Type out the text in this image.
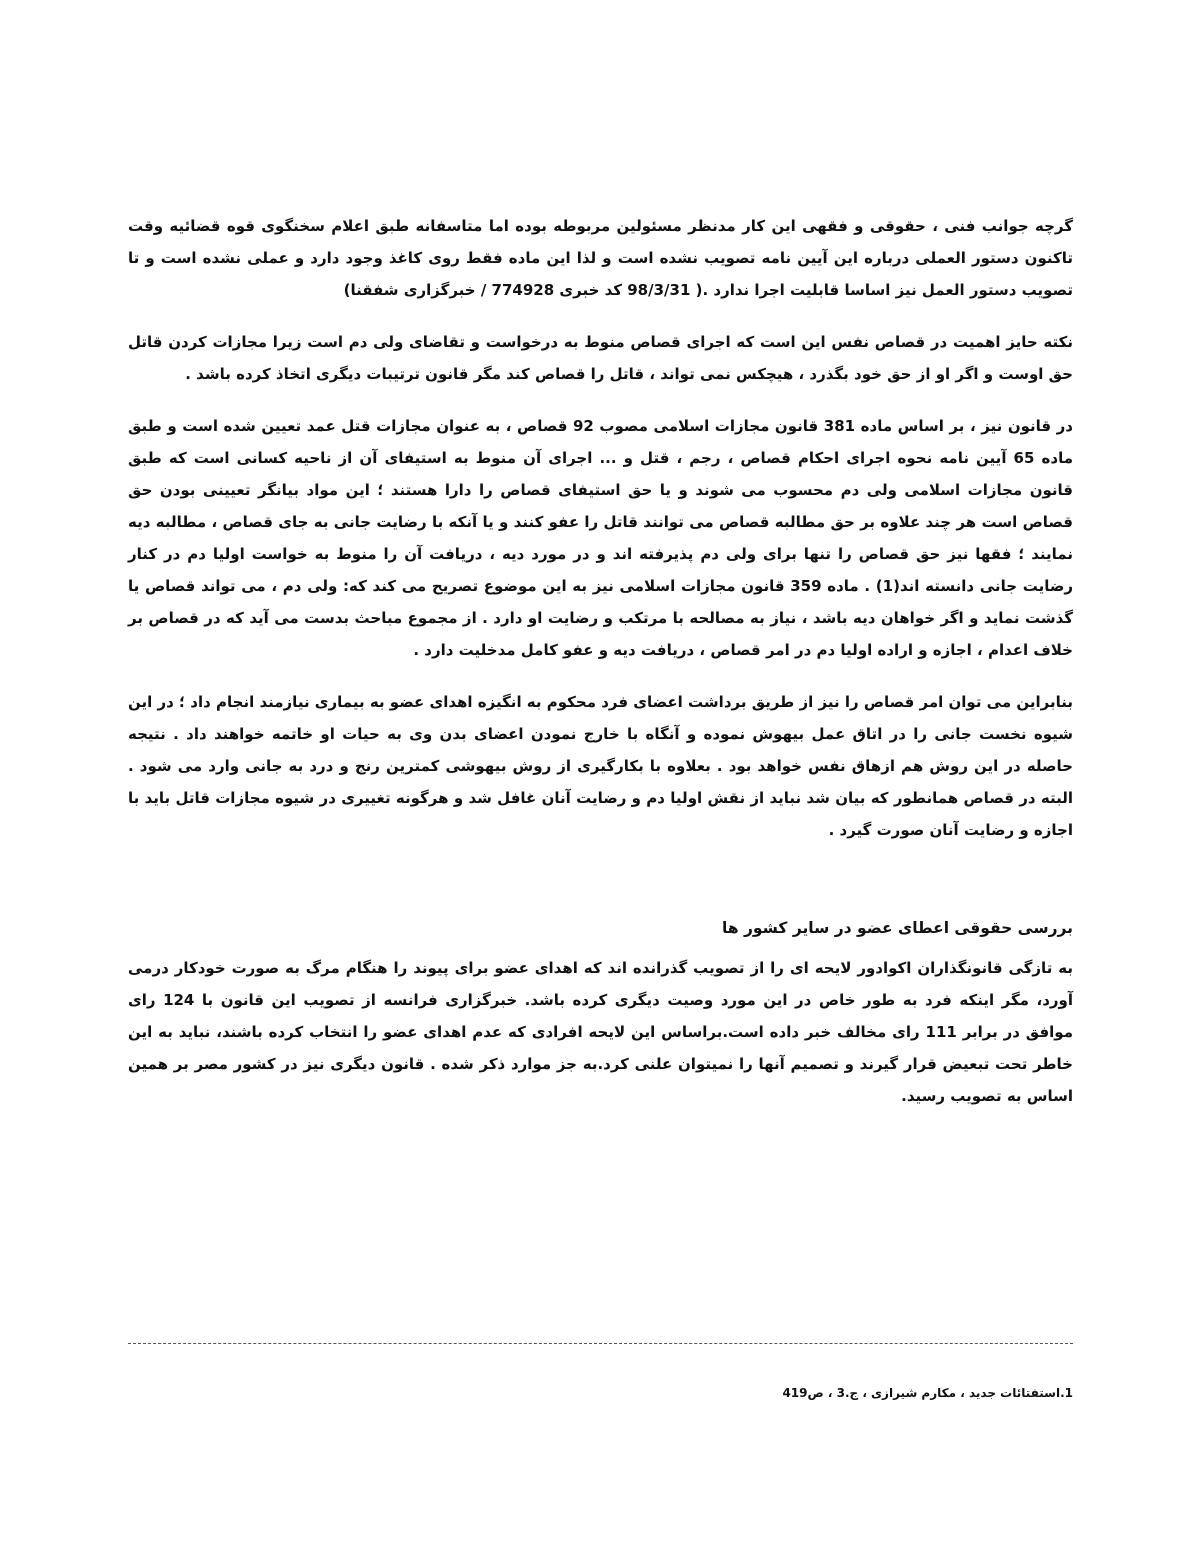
گرچه جوانب فنی ، حقوقی و فقهی این کار مدنظر مسئولین مربوطه بوده اما متاسفانه طبق اعلام سخنگوی قوه قضائیه وقت تاکنون دستور العملی درباره این آیین نامه تصویب نشده است و لذا این ماده فقط روی کاغذ وجود دارد و عملی نشده است و تا تصویب دستور العمل نیز اساسا قابلیت اجرا ندارد .( 98/3/31 کد خبری 774928 / خبرگزاری شفقنا)

نکته حایز اهمیت در قصاص نفس این است که اجرای قصاص منوط به درخواست و تقاضای ولی دم است زیرا مجازات کردن قاتل حق اوست و اگر او از حق خود بگذرد ، هیچکس نمی تواند ، قاتل را قصاص کند مگر قانون ترتیبات دیگری اتخاذ کرده باشد .

در قانون نیز ، بر اساس ماده 381 قانون مجازات اسلامی مصوب 92 قصاص ، به عنوان مجازات قتل عمد تعیین شده است و طبق ماده 65 آیین نامه نحوه اجرای احکام قصاص ، رجم ، قتل و ... اجرای آن منوط به استیفای آن از ناحیه کسانی است که طبق قانون مجازات اسلامی ولی دم محسوب می شوند و یا حق استیفای قصاص را دارا هستند ؛ این مواد بیانگر تعیینی بودن حق قصاص است هر چند علاوه بر حق مطالبه قصاص می توانند قاتل را عفو کنند و یا آنکه با رضایت جانی به جای قصاص ، مطالبه دیه نمایند ؛ فقها نیز حق قصاص را تنها برای ولی دم پذیرفته اند و در مورد دیه ، دریافت آن را منوط به خواست اولیا دم در کنار رضایت جانی دانسته اند(1) . ماده 359 قانون مجازات اسلامی نیز به این موضوع تصریح می کند که: ولی دم ، می تواند قصاص یا گذشت نماید و اگر خواهان دیه باشد ، نیاز به مصالحه با مرتکب و رضایت او دارد . از مجموع مباحث بدست می آید که در قصاص بر خلاف اعدام ، اجازه و اراده اولیا دم در امر قصاص ، دریافت دیه و عفو کامل مدخلیت دارد .

بنابراین می توان امر قصاص را نیز از طریق برداشت اعضای فرد محکوم به انگیزه اهدای عضو به بیماری نیازمند انجام داد ؛ در این شیوه نخست جانی را در اتاق عمل بیهوش نموده و آنگاه با خارج نمودن اعضای بدن وی به حیات او خاتمه خواهند داد . نتیجه حاصله در این روش هم ازهاق نفس خواهد بود . بعلاوه با بکارگیری از روش بیهوشی کمترین رنج و درد به جانی وارد می شود . البته در قصاص همانطور که بیان شد نباید از نقش اولیا دم و رضایت آنان غافل شد و هرگونه تغییری در شیوه مجازات قاتل باید با اجازه و رضایت آنان صورت گیرد .

بررسی حقوقی اعطای عضو در سایر کشور ها

به تازگی قانونگذاران اکوادور لایحه ای را از تصویب گذرانده اند که اهدای عضو برای پیوند را هنگام مرگ به صورت خودکار درمی آورد، مگر اینکه فرد به طور خاص در این مورد وصیت دیگری کرده باشد. خبرگزاری فرانسه از تصویب این قانون با 124 رای موافق در برابر 111 رای مخالف خبر داده است.براساس این لایحه افرادی که عدم اهدای عضو را انتخاب کرده باشند، نباید به این خاطر تحت تبعیض قرار گیرند و تصمیم آنها را نمیتوان علنی کرد.به جز موارد ذکر شده . قانون دیگری نیز در کشور مصر بر همین اساس به تصویب رسید.

1.استفتائات جدید ، مکارم شیرازی ، ج.3 ، ص419
